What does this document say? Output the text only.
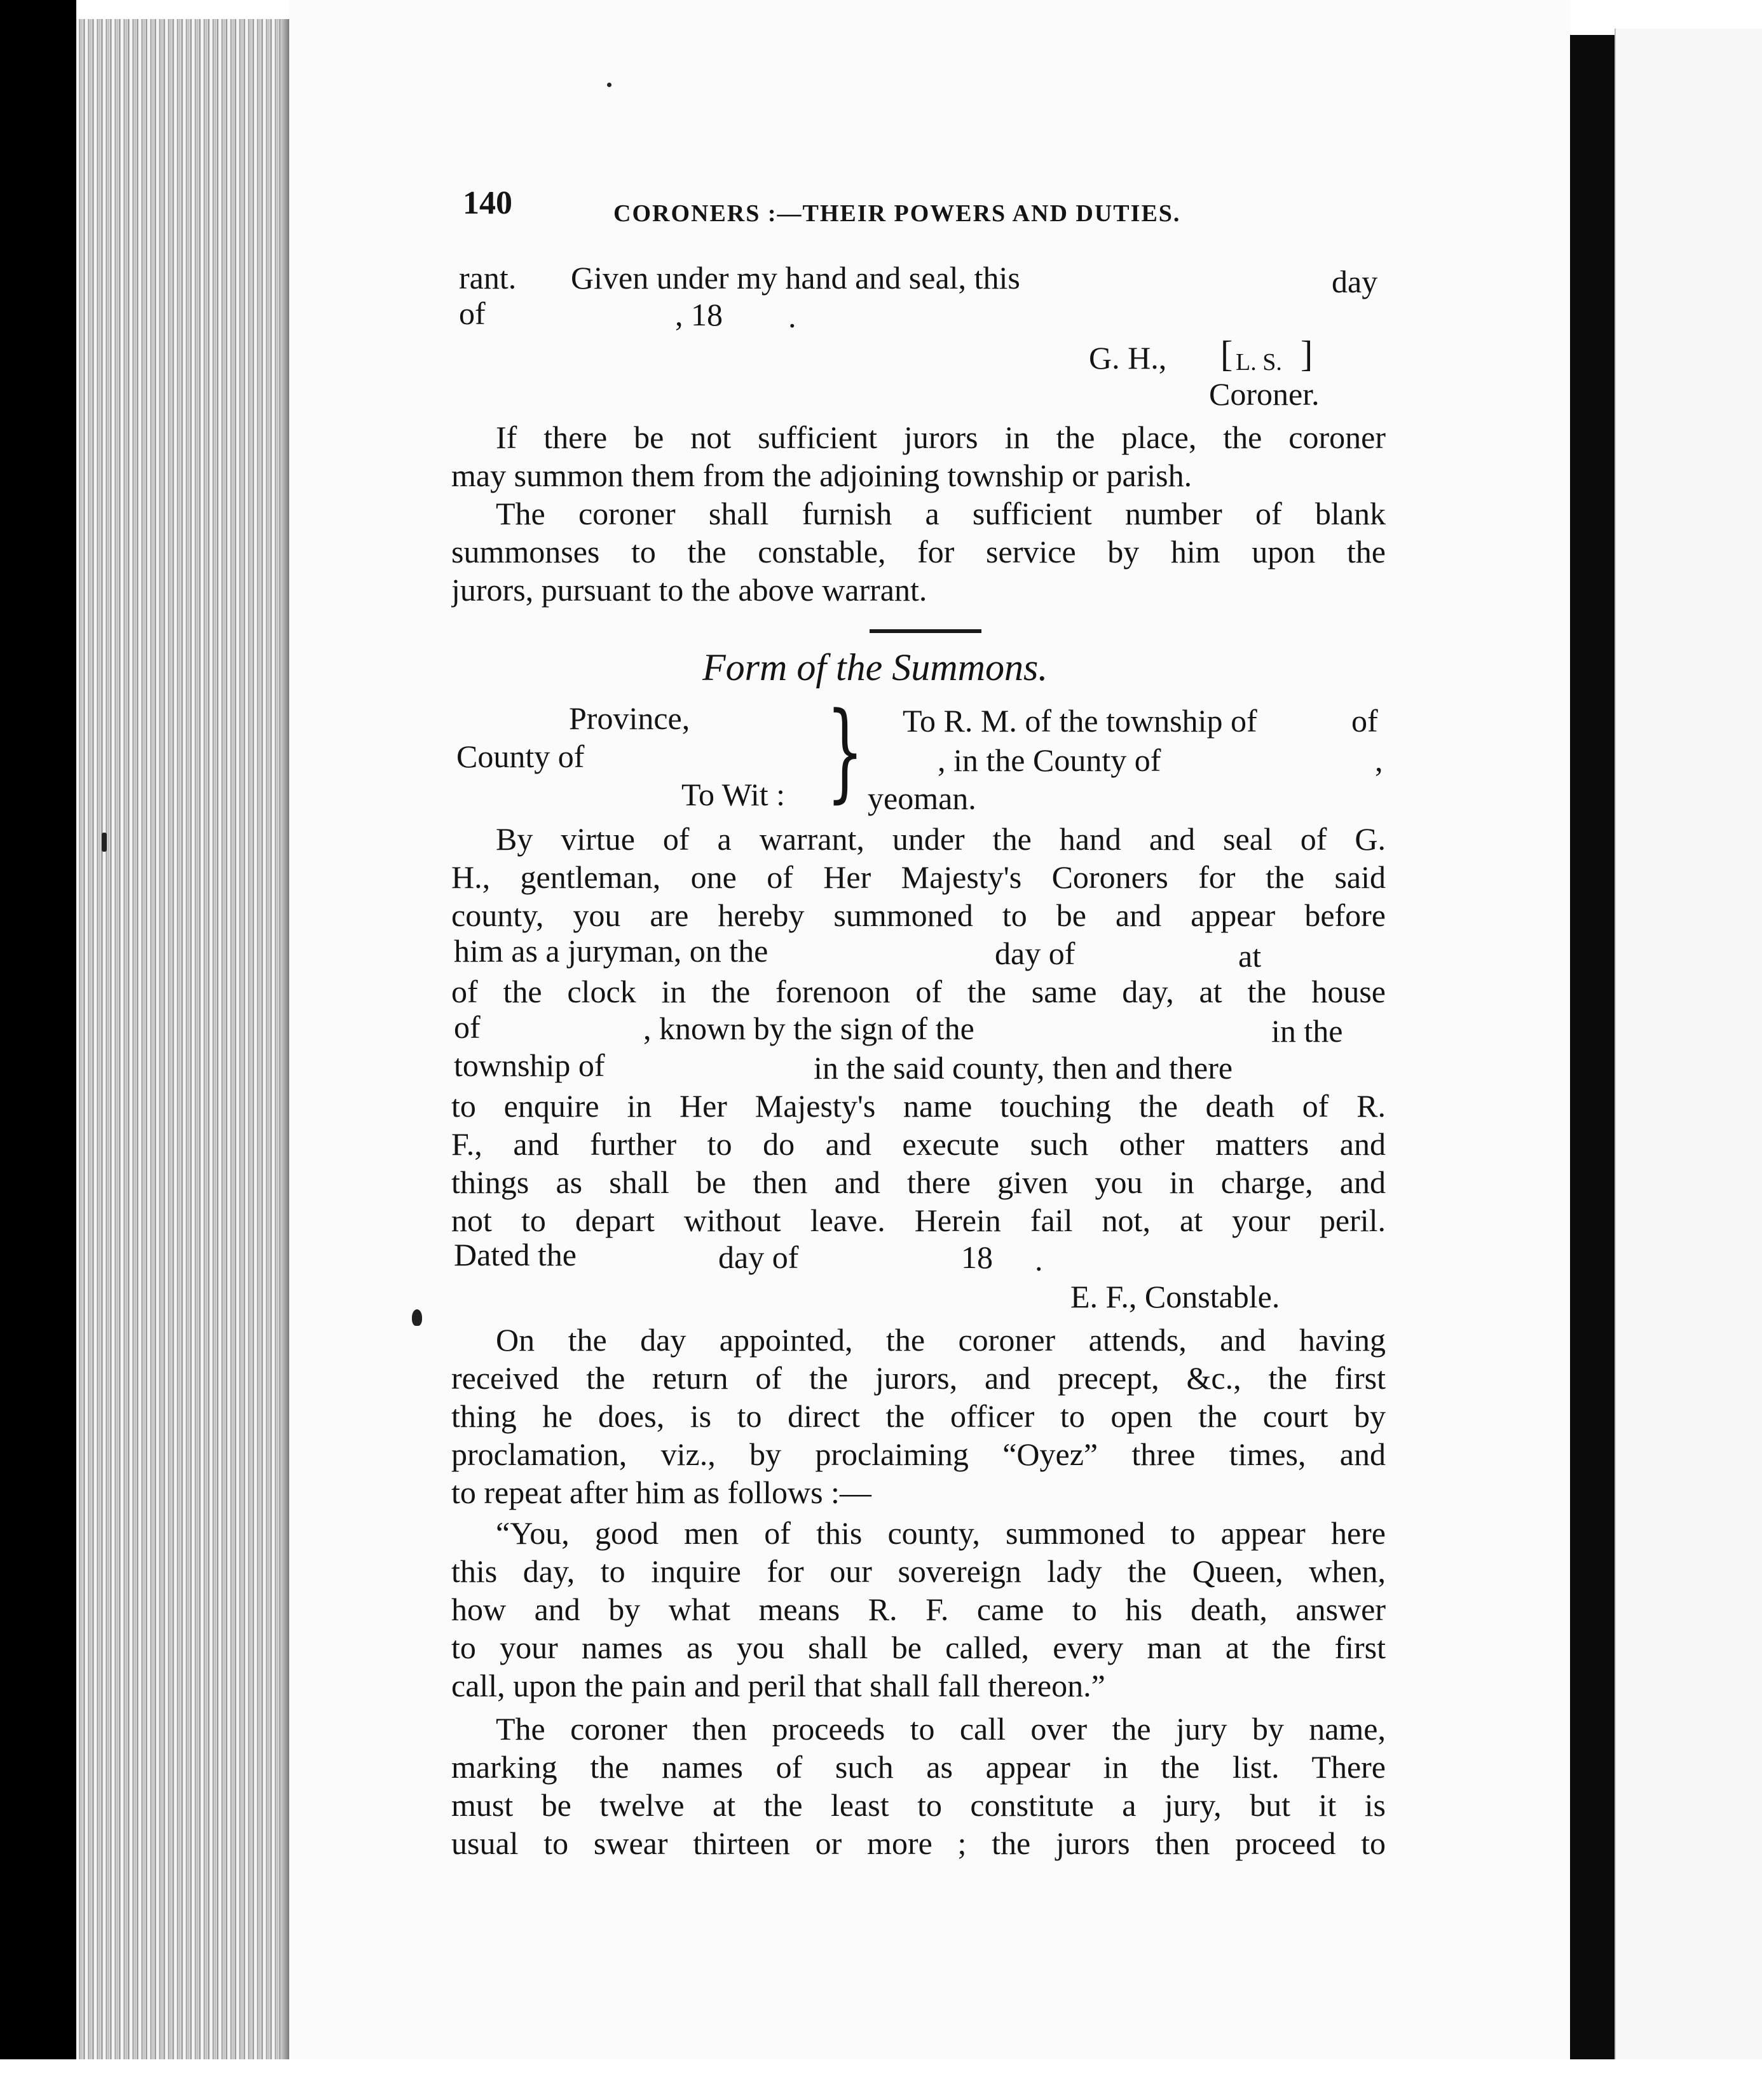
140	CORONERS :—THEIR POWERS AND DUTIES.
rant. Given under my hand and seal, this	day
of	, 18 .
G. H., [ L. S. ]
Coroner.
If there be not sufficient jurors in the place, the coroner
may summon them from the adjoining township or parish.
The coroner shall furnish a sufficient number of blank
summonses to the constable, for service by him upon the
jurors, pursuant to the above warrant.
Form of the Summons.
Province,
County of
To Wit : } To R. M. of the township of	of
, in the County of	,
yeoman.
By virtue of a warrant, under the hand and seal of G.
H., gentleman, one of Her Majesty's Coroners for the said
county, you are hereby summoned to be and appear before
him as a juryman, on the	day of	at
of the clock in the forenoon of the same day, at the house
of	, known by the sign of the	in the
township of	in the said county, then and there
to enquire in Her Majesty's name touching the death of R.
F., and further to do and execute such other matters and
things as shall be then and there given you in charge, and
not to depart without leave. Herein fail not, at your peril.
Dated the	day of	18 .
E. F., Constable.
On the day appointed, the coroner attends, and having
received the return of the jurors, and precept, &c., the first
thing he does, is to direct the officer to open the court by
proclamation, viz., by proclaiming “Oyez” three times, and
to repeat after him as follows :—
“You, good men of this county, summoned to appear here
this day, to inquire for our sovereign lady the Queen, when,
how and by what means R. F. came to his death, answer
to your names as you shall be called, every man at the first
call, upon the pain and peril that shall fall thereon.”
The coroner then proceeds to call over the jury by name,
marking the names of such as appear in the list. There
must be twelve at the least to constitute a jury, but it is
usual to swear thirteen or more ; the jurors then proceed to
